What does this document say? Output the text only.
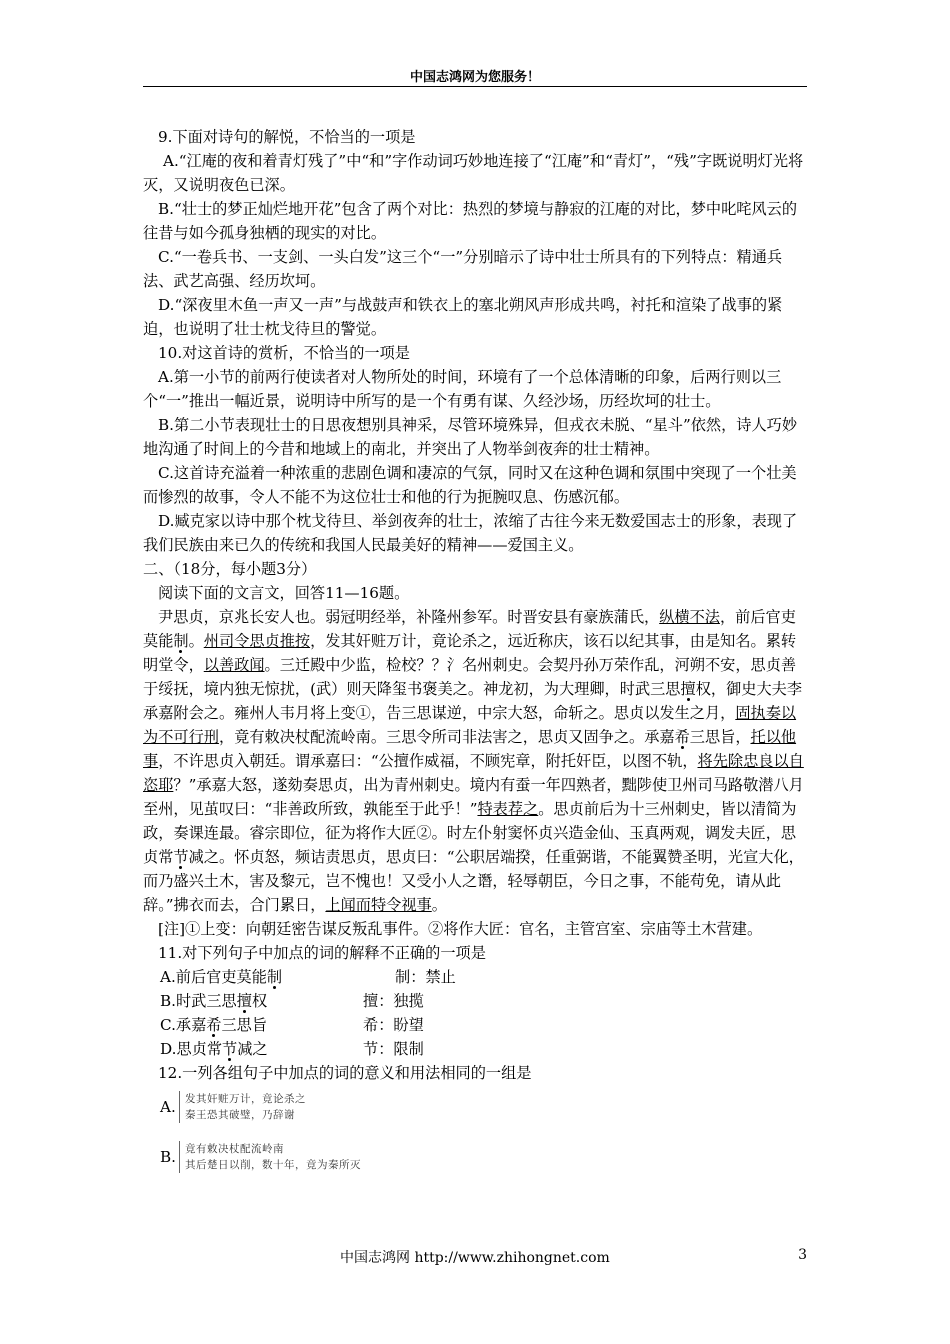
中国志鸿网为您服务！

9.下面对诗句的解悦，不恰当的一项是

A.“江庵的夜和着青灯残了”中“和”字作动词巧妙地连接了“江庵”和“青灯”，“残”字既说明灯光将灭，又说明夜色已深。

B.“壮士的梦正灿烂地开花”包含了两个对比：热烈的梦境与静寂的江庵的对比，梦中叱咤风云的往昔与如今孤身独栖的现实的对比。

C.“一卷兵书、一支剑、一头白发”这三个“一”分别暗示了诗中壮士所具有的下列特点：精通兵法、武艺高强、经历坎坷。

D.“深夜里木鱼一声又一声”与战鼓声和铁衣上的塞北朔风声形成共鸣，衬托和渲染了战事的紧迫，也说明了壮士枕戈待旦的警觉。

10.对这首诗的赏析，不恰当的一项是

A.第一小节的前两行使读者对人物所处的时间，环境有了一个总体清晰的印象，后两行则以三个“一”推出一幅近景，说明诗中所写的是一个有勇有谋、久经沙场，历经坎坷的壮士。

B.第二小节表现壮士的日思夜想别具神采，尽管环境殊异，但戎衣未脱、“星斗”依然，诗人巧妙地沟通了时间上的今昔和地域上的南北，并突出了人物举剑夜奔的壮士精神。

C.这首诗充溢着一种浓重的悲剧色调和凄凉的气氛，同时又在这种色调和氛围中突现了一个壮美而惨烈的故事，令人不能不为这位壮士和他的行为扼腕叹息、伤感沉郁。

D.臧克家以诗中那个枕戈待旦、举剑夜奔的壮士，浓缩了古往今来无数爱国志士的形象，表现了我们民族由来已久的传统和我国人民最美好的精神——爱国主义。

二、（18分，每小题3分）

阅读下面的文言文，回答11—16题。

尹思贞，京兆长安人也。弱冠明经举，补隆州参军。时晋安县有豪族蒲氏，纵横不法，前后官吏莫能制。州司令思贞推按，发其奸赃万计，竟论杀之，远近称庆，该石以纪其事，由是知名。累转明堂令，以善政闻。三迁殿中少监，检校？？氵名州刺史。会契丹孙万荣作乱，河朔不安，思贞善于绥抚，境内独无惊扰，(武）则天降玺书褒美之。神龙初，为大理卿，时武三思擅权，御史大夫李承嘉附会之。雍州人韦月将上变①，告三思谋逆，中宗大怒，命斩之。思贞以发生之月，固执奏以为不可行刑，竟有敕决杖配流岭南。三思令所司非法害之，思贞又固争之。承嘉希三思旨，托以他事，不许思贞入朝廷。谓承嘉曰：“公擅作威福，不顾宪章，附托奸臣，以图不轨，将先除忠良以自恣耶？”承嘉大怒，遂劾奏思贞，出为青州刺史。境内有蚕一年四熟者，黜陟使卫州司马路敬潜八月至州，见茧叹曰：“非善政所致，孰能至于此乎！”特表荐之。思贞前后为十三州刺史，皆以清简为政，奏课连最。睿宗即位，征为将作大匠②。时左仆射窦怀贞兴造金仙、玉真两观，调发夫匠，思贞常节减之。怀贞怒，频诘责思贞，思贞曰：“公职居端揆，任重弼谐，不能翼赞圣明，光宣大化，而乃盛兴土木，害及黎元，岂不愧也！又受小人之谮，轻辱朝臣，今日之事，不能苟免，请从此辞。”拂衣而去，合门累日，上闻而特令视事。

[注]①上变：向朝廷密告谋反叛乱事件。②将作大匠：官名，主管宫室、宗庙等土木营建。

11.对下列句子中加点的词的解释不正确的一项是

A.前后官吏莫能制	制：禁止
B.时武三思擅权	擅：独揽
C.承嘉希三思旨	希：盼望
D.思贞常节减之	节：限制

12.一列各组句子中加点的词的意义和用法相同的一组是

A. 发其奸赃万计，竟论杀之
秦王恐其破璧，乃辞谢
B. 竟有敕决杖配流岭南
其后楚日以削，数十年，竟为秦所灭
中国志鸿网 http://www.zhihongnet.com	3
